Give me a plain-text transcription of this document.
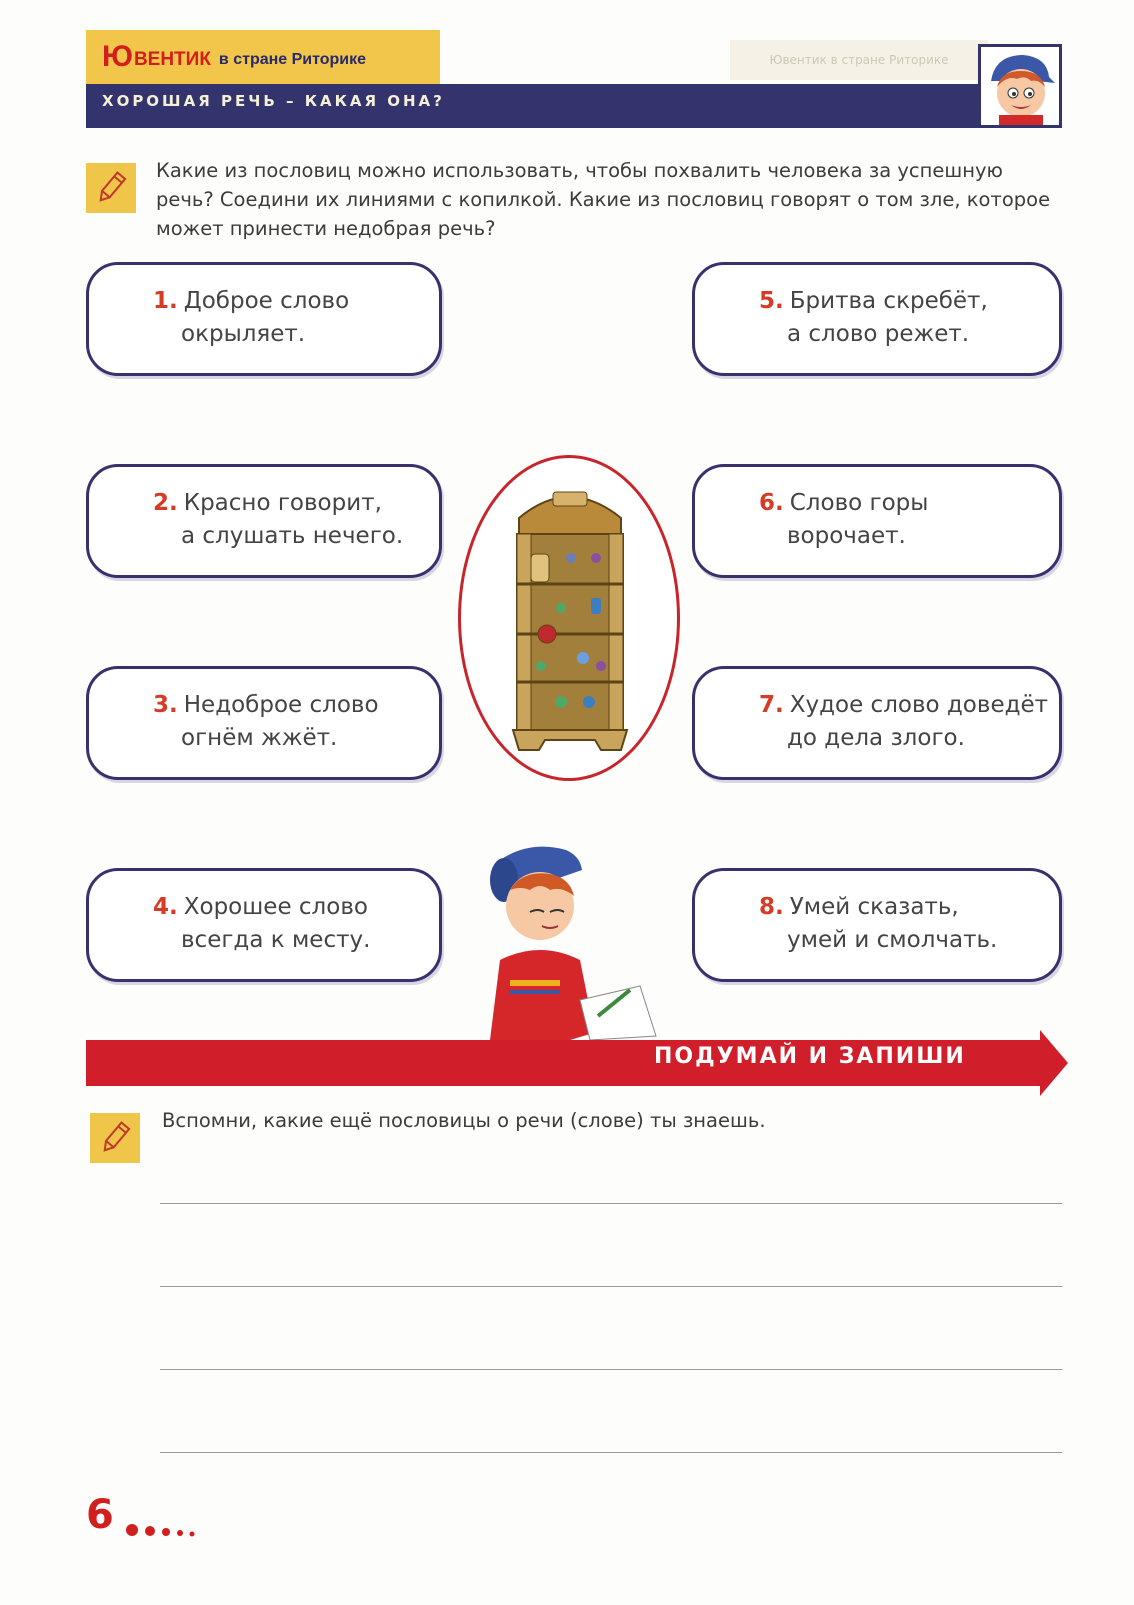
Ювентик в стране Риторике
Ю ВЕНТИК в стране Риторике
ХОРОШАЯ РЕЧЬ – КАКАЯ ОНА?
Какие из пословиц можно использовать, чтобы похвалить человека за успешную речь? Соедини их линиями с копилкой. Какие из пословиц говорят о том зле, которое может принести недобрая речь?
1. Доброе слово
окрыляет.
2. Красно говорит,
а слушать нечего.
3. Недоброе слово
огнём жжёт.
4. Хорошее слово
всегда к месту.
5. Бритва скребёт,
а слово режет.
6. Слово горы
ворочает.
7. Худое слово доведёт
до дела злого.
8. Умей сказать,
умей и смолчать.
ПОДУМАЙ И ЗАПИШИ
Вспомни, какие ещё пословицы о речи (слове) ты знаешь.
6
